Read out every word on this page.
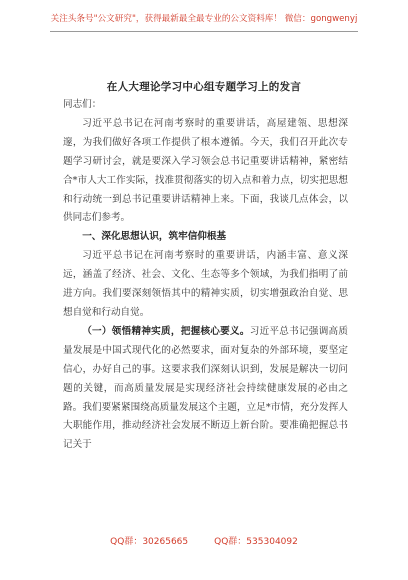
关注头条号"公文研究"，获得最新最全最专业的公文资料库！ 微信：gongwenyj
在人大理论学习中心组专题学习上的发言

同志们：

习近平总书记在河南考察时的重要讲话，高屋建瓴、思想深邃，为我们做好各项工作提供了根本遵循。今天，我们召开此次专题学习研讨会，就是要深入学习领会总书记重要讲话精神，紧密结合*市人大工作实际，找准贯彻落实的切入点和着力点，切实把思想和行动统一到总书记重要讲话精神上来。下面，我谈几点体会，以供同志们参考。

一、深化思想认识，筑牢信仰根基

习近平总书记在河南考察时的重要讲话，内涵丰富、意义深远，涵盖了经济、社会、文化、生态等多个领域，为我们指明了前进方向。我们要深刻领悟其中的精神实质，切实增强政治自觉、思想自觉和行动自觉。

（一）领悟精神实质，把握核心要义。习近平总书记强调高质量发展是中国式现代化的必然要求，面对复杂的外部环境，要坚定信心，办好自己的事。这要求我们深刻认识到，发展是解决一切问题的关键，而高质量发展是实现经济社会持续健康发展的必由之路。我们要紧紧围绕高质量发展这个主题，立足*市情，充分发挥人大职能作用，推动经济社会发展不断迈上新台阶。要准确把握总书记关于

QQ群：30265665	QQ群：535304092
